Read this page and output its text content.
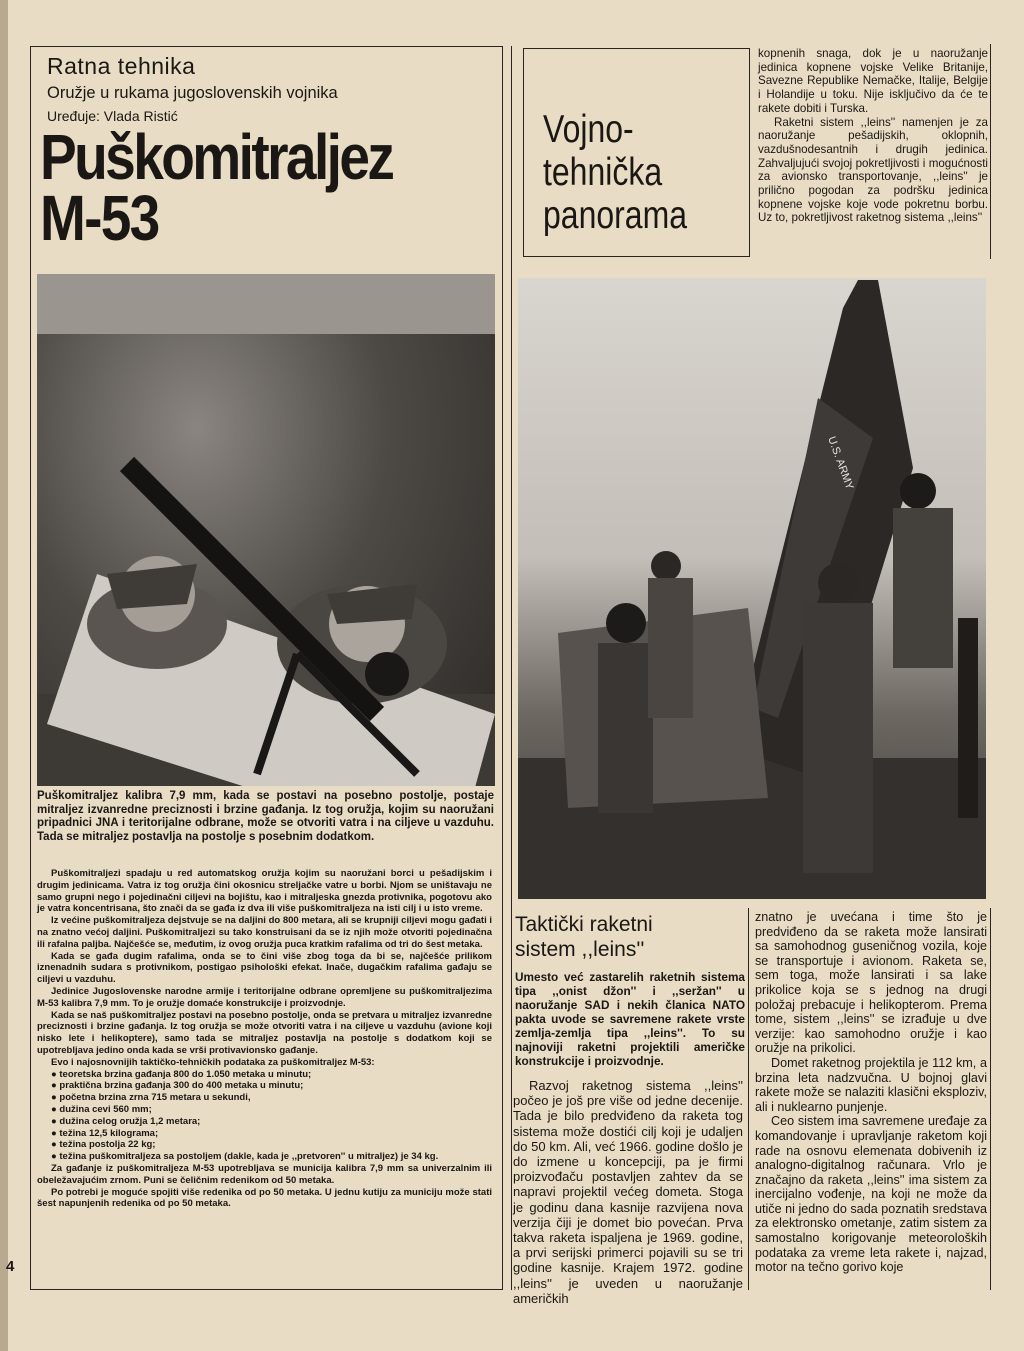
Ratna tehnika
Oružje u rukama jugoslovenskih vojnika
Uređuje: Vlada Ristić
Puškomitraljez
M-53

Puškomitraljez kalibra 7,9 mm, kada se postavi na posebno postolje, postaje mitraljez izvanredne preciznosti i brzine gađanja. Iz tog oružja, kojim su naoružani pripadnici JNA i teritorijalne odbrane, može se otvoriti vatra i na ciljeve u vazduhu. Tada se mitraljez postavlja na postolje s posebnim dodatkom.

Puškomitraljezi spadaju u red automatskog oružja kojim su naoružani borci u pešadijskim i drugim jedinicama. Vatra iz tog oružja čini okosnicu streljačke vatre u borbi. Njom se uništavaju ne samo grupni nego i pojedinačni ciljevi na bojištu, kao i mitraljeska gnezda protivnika, pogotovu ako je vatra koncentrisana, što znači da se gađa iz dva ili više puškomitraljeza na isti cilj i u isto vreme.

Iz većine puškomitraljeza dejstvuje se na daljini do 800 metara, ali se krupniji ciljevi mogu gađati i na znatno većoj daljini. Puškomitraljezi su tako konstruisani da se iz njih može otvoriti pojedinačna ili rafalna paljba. Najčešće se, međutim, iz ovog oružja puca kratkim rafalima od tri do šest metaka.

Kada se gađa dugim rafalima, onda se to čini više zbog toga da bi se, najčešće prilikom iznenadnih sudara s protivnikom, postigao psihološki efekat. Inače, dugačkim rafalima gađaju se ciljevi u vazduhu.

Jedinice Jugoslovenske narodne armije i teritorijalne odbrane opremljene su puškomitraljezima M-53 kalibra 7,9 mm. To je oružje domaće konstrukcije i proizvodnje.

Kada se naš puškomitraljez postavi na posebno postolje, onda se pretvara u mitraljez izvanredne preciznosti i brzine gađanja. Iz tog oružja se može otvoriti vatra i na ciljeve u vazduhu (avione koji nisko lete i helikoptere), samo tada se mitraljez postavlja na postolje s dodatkom koji se upotrebljava jedino onda kada se vrši protivavionsko gađanje.

Evo i najosnovnijih taktičko-tehničkih podataka za puškomitraljez M-53:

● teoretska brzina gađanja 800 do 1.050 metaka u minutu;
● praktična brzina gađanja 300 do 400 metaka u minutu;
● početna brzina zrna 715 metara u sekundi,
● dužina cevi 560 mm;
● dužina celog oružja 1,2 metara;
● težina 12,5 kilograma;
● težina postolja 22 kg;
● težina puškomitraljeza sa postoljem (dakle, kada je ,,pretvoren'' u mitraljez) je 34 kg.

Za gađanje iz puškomitraljeza M-53 upotrebljava se municija kalibra 7,9 mm sa univerzalnim ili obeležavajućim zrnom. Puni se čeličnim redenikom od 50 metaka.

Po potrebi je moguće spojiti više redenika od po 50 metaka. U jednu kutiju za municiju može stati šest napunjenih redenika od po 50 metaka.

4
Vojno-
tehnička
panorama

kopnenih snaga, dok je u naoružanje jedinica kopnene vojske Velike Britanije, Savezne Republike Nemačke, Italije, Belgije i Holandije u toku. Nije isključivo da će te rakete dobiti i Turska.

Raketni sistem ,,leins'' namenjen je za naoružanje pešadijskih, oklopnih, vazdušnodesantnih i drugih jedinica. Zahvaljujući svojoj pokretljivosti i mogućnosti za avionsko transportovanje, ,,leins'' je prilično pogodan za podršku jedinica kopnene vojske koje vode pokretnu borbu. Uz to, pokretljivost raketnog sistema ,,leins''

U.S. ARMY
Taktički raketni
sistem ,,leins''
Umesto već zastarelih raketnih sistema tipa ,,onist džon'' i ,,seržan'' u naoružanje SAD i nekih članica NATO pakta uvode se savremene rakete vrste zemlja-zemlja tipa ,,leins''. To su najnoviji raketni projektili američke konstrukcije i proizvodnje.

Razvoj raketnog sistema ,,leins'' počeo je još pre više od jedne decenije. Tada je bilo predviđeno da raketa tog sistema može dostići cilj koji je udaljen do 50 km. Ali, već 1966. godine došlo je do izmene u koncepciji, pa je firmi proizvođaču postavljen zahtev da se napravi projektil većeg dometa. Stoga je godinu dana kasnije razvijena nova verzija čiji je domet bio povećan. Prva takva raketa ispaljena je 1969. godine, a prvi serijski primerci pojavili su se tri godine kasnije. Krajem 1972. godine ,,leins'' je uveden u naoružanje američkih

znatno je uvećana i time što je predviđeno da se raketa može lansirati sa samohodnog guseničnog vozila, koje se transportuje i avionom. Raketa se, sem toga, može lansirati i sa lake prikolice koja se s jednog na drugi položaj prebacuje i helikopterom. Prema tome, sistem ,,leins'' se izrađuje u dve verzije: kao samohodno oružje i kao oružje na prikolici.

Domet raketnog projektila je 112 km, a brzina leta nadzvučna. U bojnoj glavi rakete može se nalaziti klasični eksploziv, ali i nuklearno punjenje.

Ceo sistem ima savremene uređaje za komandovanje i upravljanje raketom koji rade na osnovu elemenata dobivenih iz analogno-digitalnog računara. Vrlo je značajno da raketa ,,leins'' ima sistem za inercijalno vođenje, na koji ne može da utiče ni jedno do sada poznatih sredstava za elektronsko ometanje, zatim sistem za samostalno korigovanje meteoroloških podataka za vreme leta rakete i, najzad, motor na tečno gorivo koje
